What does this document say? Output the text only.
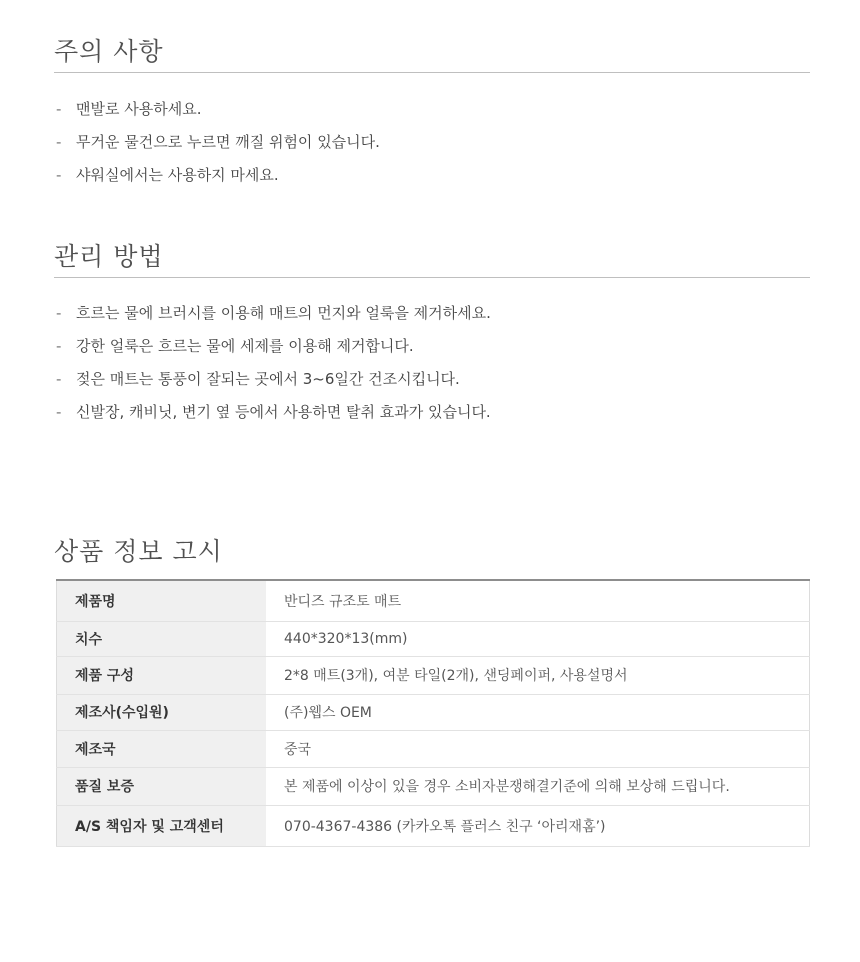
주의 사항
- 맨발로 사용하세요.
- 무거운 물건으로 누르면 깨질 위험이 있습니다.
- 샤워실에서는 사용하지 마세요.
관리 방법
- 흐르는 물에 브러시를 이용해 매트의 먼지와 얼룩을 제거하세요.
- 강한 얼룩은 흐르는 물에 세제를 이용해 제거합니다.
- 젖은 매트는 통풍이 잘되는 곳에서 3~6일간 건조시킵니다.
- 신발장, 캐비닛, 변기 옆 등에서 사용하면 탈취 효과가 있습니다.
상품 정보 고시
제품명	반디즈 규조토 매트
치수	440*320*13(mm)
제품 구성	2*8 매트(3개), 여분 타일(2개), 샌딩페이퍼, 사용설명서
제조사(수입원)	(주)웹스 OEM
제조국	중국
품질 보증	본 제품에 이상이 있을 경우 소비자분쟁해결기준에 의해 보상해 드립니다.
A/S 책임자 및 고객센터	070-4367-4386 (카카오톡 플러스 친구 ‘아리재홈’)
